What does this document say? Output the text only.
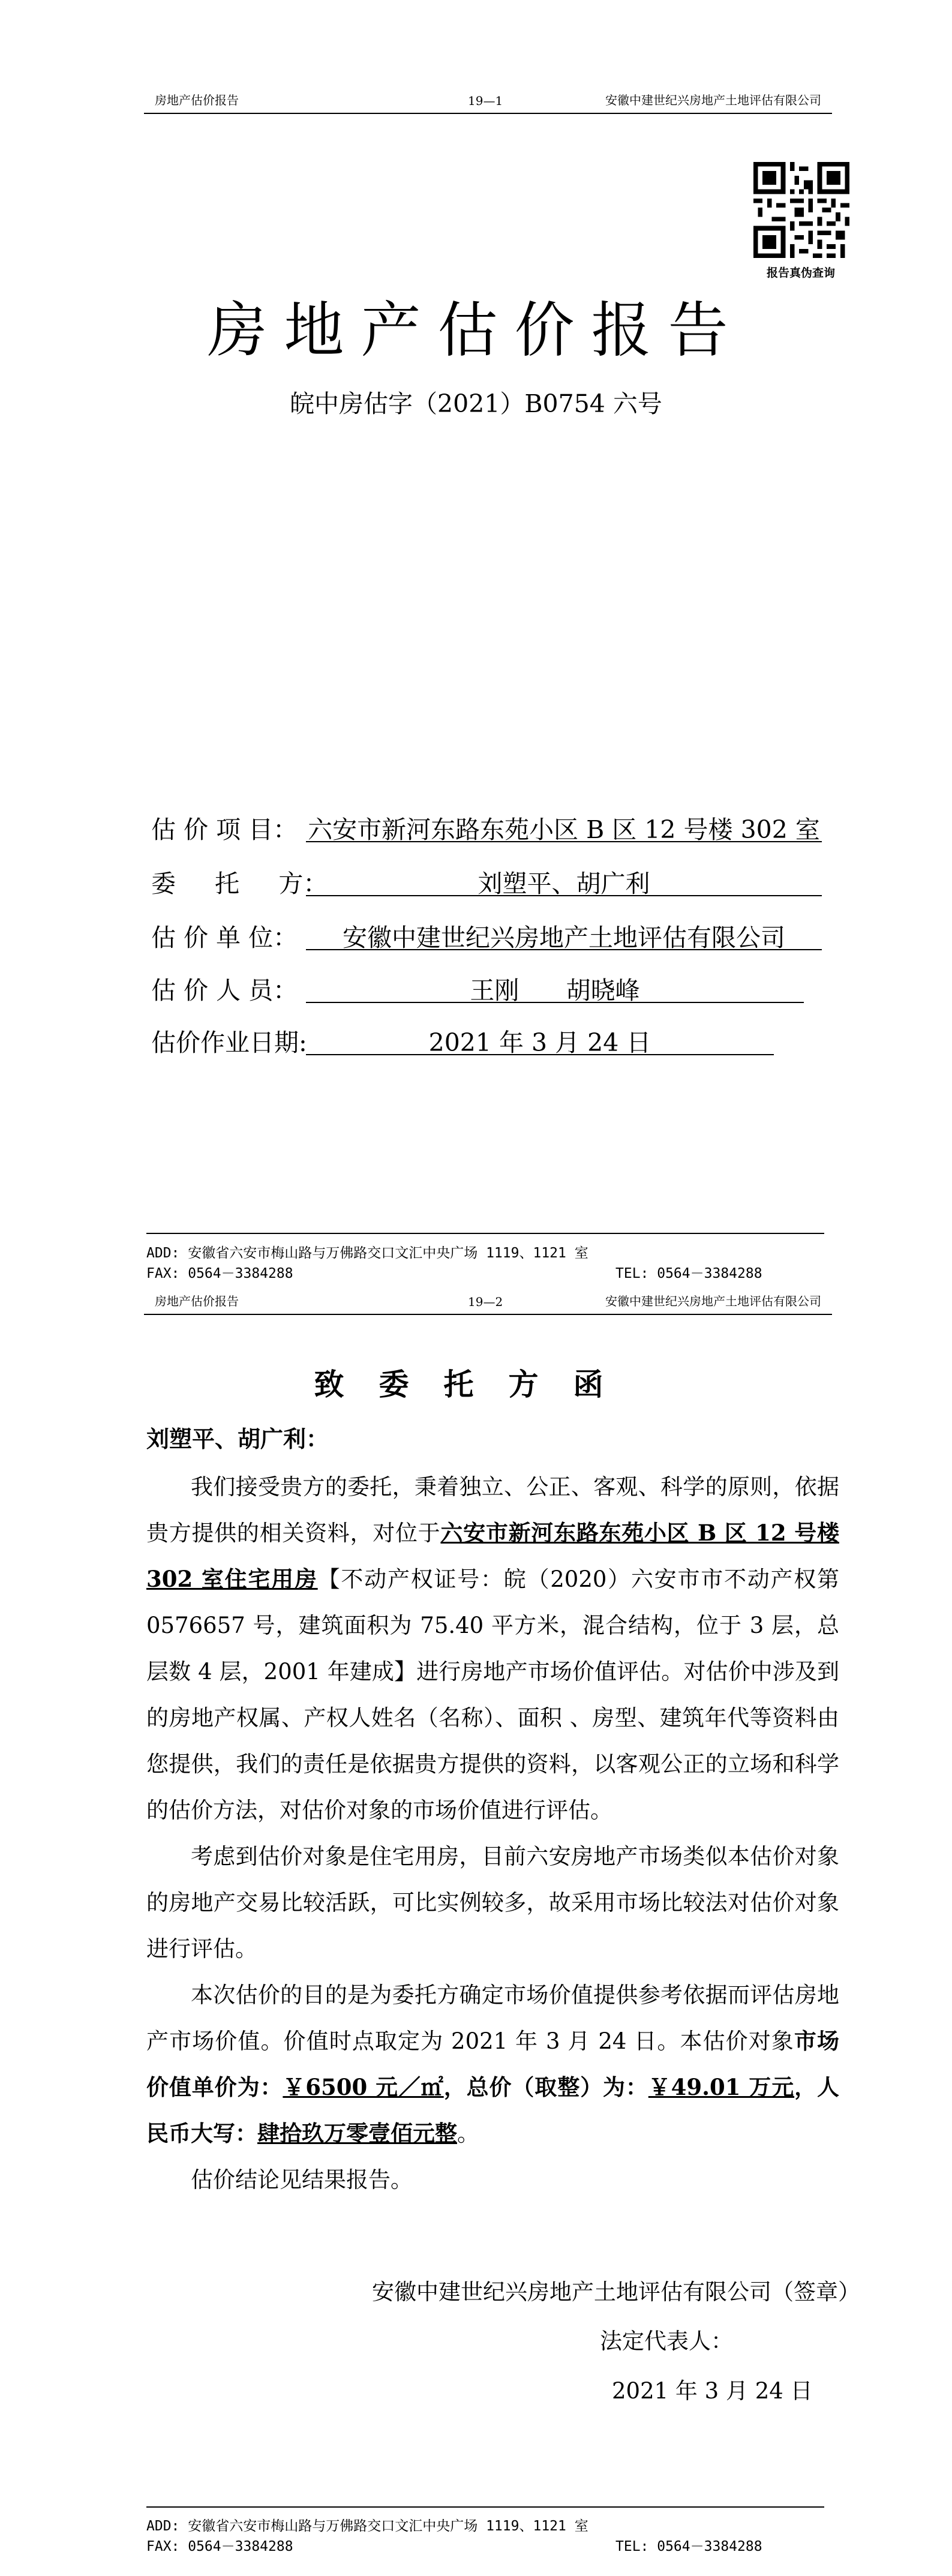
房地产估价报告	19—1	安徽中建世纪兴房地产土地评估有限公司
报告真伪查询
房地产估价报告
皖中房估字（2021）B0754 六号
估 价 项 目： 六安市新河东路东苑小区 B 区 12 号楼 302 室
委     托     方：	刘塑平、胡广利
估 价 单 位：	安徽中建世纪兴房地产土地评估有限公司
估 价 人 员：	王刚      胡晓峰
估价作业日期:	2021 年 3 月 24 日
ADD: 安徽省六安市梅山路与万佛路交口文汇中央广场 1119、1121 室
FAX: 0564－3384288	TEL: 0564－3384288
房地产估价报告	19—2	安徽中建世纪兴房地产土地评估有限公司
致委托方函
刘塑平、胡广利：

我们接受贵方的委托，秉着独立、公正、客观、科学的原则，依据贵方提供的相关资料，对位于六安市新河东路东苑小区 B 区 12 号楼 302 室住宅用房【不动产权证号：皖（2020）六安市市不动产权第 0576657 号，建筑面积为 75.40 平方米，混合结构，位于 3 层，总层数 4 层，2001 年建成】进行房地产市场价值评估。对估价中涉及到的房地产权属、产权人姓名（名称）、面积 、房型、建筑年代等资料由您提供，我们的责任是依据贵方提供的资料，以客观公正的立场和科学的估价方法，对估价对象的市场价值进行评估。

考虑到估价对象是住宅用房，目前六安房地产市场类似本估价对象的房地产交易比较活跃，可比实例较多，故采用市场比较法对估价对象进行评估。

本次估价的目的是为委托方确定市场价值提供参考依据而评估房地产市场价值。价值时点取定为 2021 年 3 月 24 日。本估价对象市场价值单价为：￥6500 元／㎡，总价（取整）为：￥49.01 万元，人民币大写：肆拾玖万零壹佰元整。

估价结论见结果报告。

安徽中建世纪兴房地产土地评估有限公司（签章）
法定代表人：
2021 年 3 月 24 日
ADD: 安徽省六安市梅山路与万佛路交口文汇中央广场 1119、1121 室
FAX: 0564－3384288	TEL: 0564－3384288
